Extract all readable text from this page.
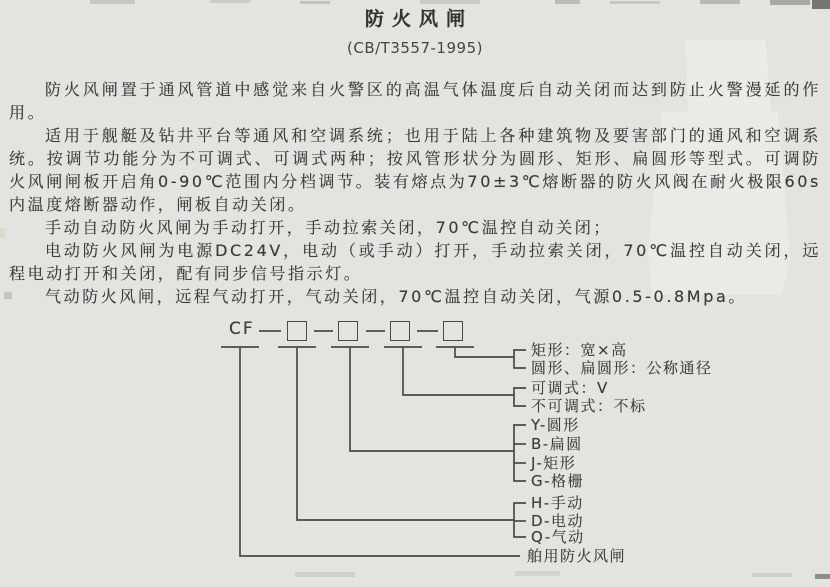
防火风闸
(CB/T3557-1995)

防火风闸置于通风管道中感觉来自火警区的高温气体温度后自动关闭而达到防止火警漫延的作用。

适用于舰艇及钻井平台等通风和空调系统；也用于陆上各种建筑物及要害部门的通风和空调系统。按调节功能分为不可调式、可调式两种；按风管形状分为圆形、矩形、扁圆形等型式。可调防火风闸闸板开启角0-90℃范围内分档调节。装有熔点为70±3℃熔断器的防火风阀在耐火极限60s内温度熔断器动作，闸板自动关闭。

手动自动防火风闸为手动打开，手动拉索关闭，70℃温控自动关闭；

电动防火风闸为电源DC24V，电动（或手动）打开，手动拉索关闭，70℃温控自动关闭，远程电动打开和关闭，配有同步信号指示灯。

气动防火风闸，远程气动打开，气动关闭，70℃温控自动关闭，气源0.5-0.8Mpa。

CF
矩形：宽×高
圆形、扁圆形：公称通径
可调式：V
不可调式：不标
Y-圆形
B-扁圆
J-矩形
G-格栅
H-手动
D-电动
Q-气动
舶用防火风闸
